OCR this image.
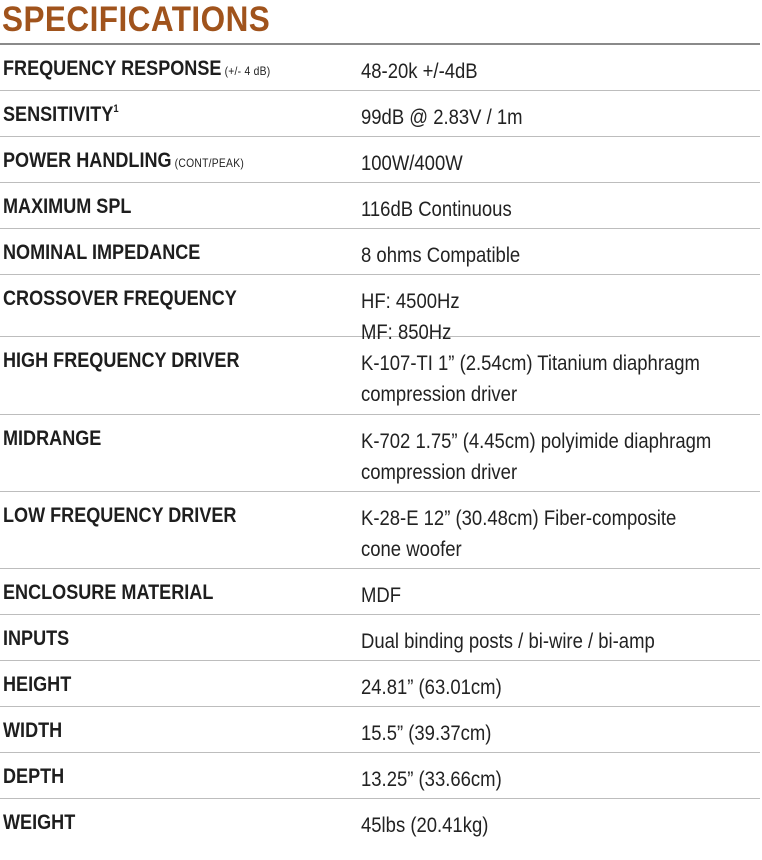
SPECIFICATIONS
FREQUENCY RESPONSE (+/- 4 dB)	48-20k +/-4dB
SENSITIVITY$^1$	99dB @ 2.83V / 1m
POWER HANDLING (CONT/PEAK)	100W/400W
MAXIMUM SPL	116dB Continuous
NOMINAL IMPEDANCE	8 ohms Compatible
CROSSOVER FREQUENCY	HF: 4500Hz
MF: 850Hz
HIGH FREQUENCY DRIVER	K-107-TI 1” (2.54cm) Titanium diaphragm
compression driver
MIDRANGE	K-702 1.75” (4.45cm) polyimide diaphragm
compression driver
LOW FREQUENCY DRIVER	K-28-E 12” (30.48cm) Fiber-composite
cone woofer
ENCLOSURE MATERIAL	MDF
INPUTS	Dual binding posts / bi-wire / bi-amp
HEIGHT	24.81” (63.01cm)
WIDTH	15.5” (39.37cm)
DEPTH	13.25” (33.66cm)
WEIGHT	45lbs (20.41kg)
